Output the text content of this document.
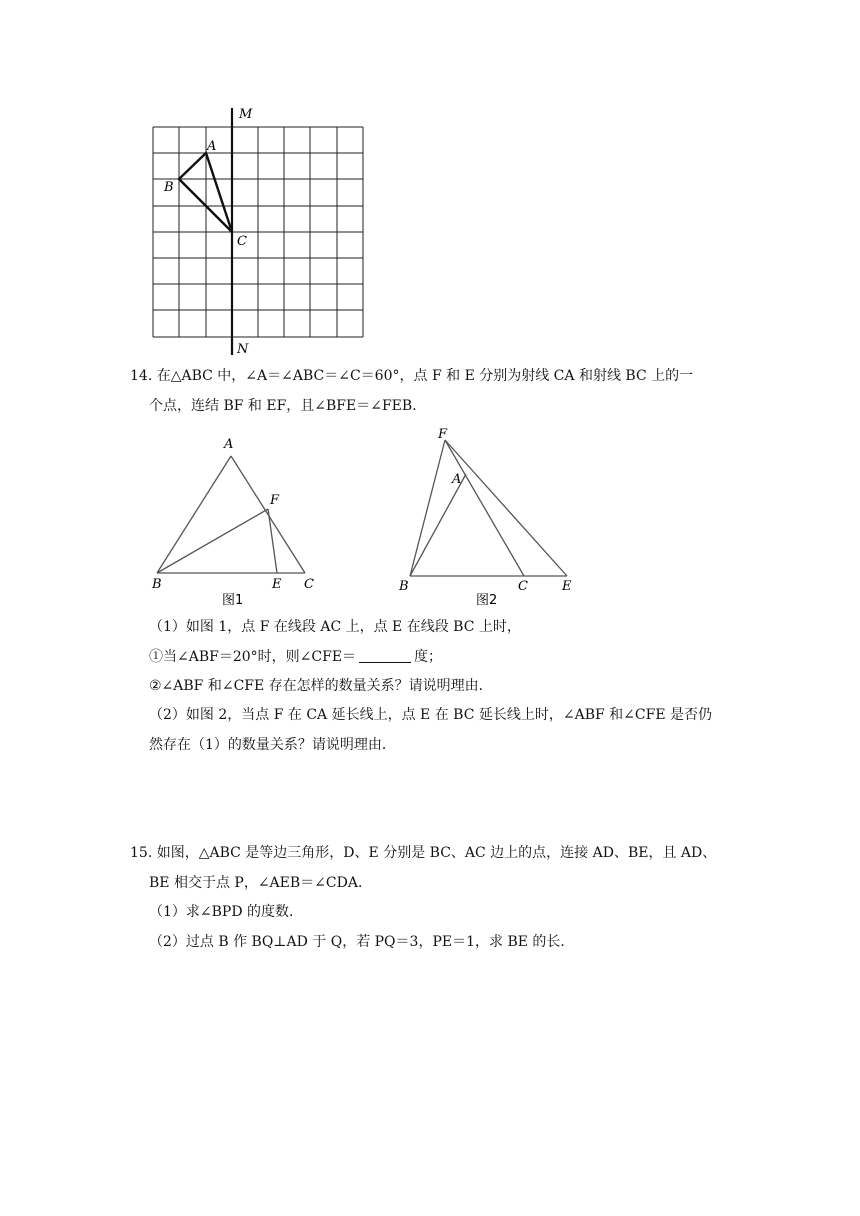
M
N
A
B
C
14. 在△ABC 中，∠A＝∠ABC＝∠C＝60°，点 F 和 E 分别为射线 CA 和射线 BC 上的一
个点，连结 BF 和 EF，且∠BFE＝∠FEB．
A
F
B	E C
图1
F
A
B	C	E
图2
（1）如图 1，点 F 在线段 AC 上，点 E 在线段 BC 上时，
①当∠ABF＝20°时，则∠CFE＝	度；
②∠ABF 和∠CFE 存在怎样的数量关系？请说明理由．
（2）如图 2，当点 F 在 CA 延长线上，点 E 在 BC 延长线上时，∠ABF 和∠CFE 是否仍
然存在（1）的数量关系？请说明理由．
15. 如图，△ABC 是等边三角形，D、E 分别是 BC、AC 边上的点，连接 AD、BE，且 AD、
BE 相交于点 P，∠AEB＝∠CDA．
（1）求∠BPD 的度数．
（2）过点 B 作 BQ⊥AD 于 Q，若 PQ＝3，PE＝1，求 BE 的长．
